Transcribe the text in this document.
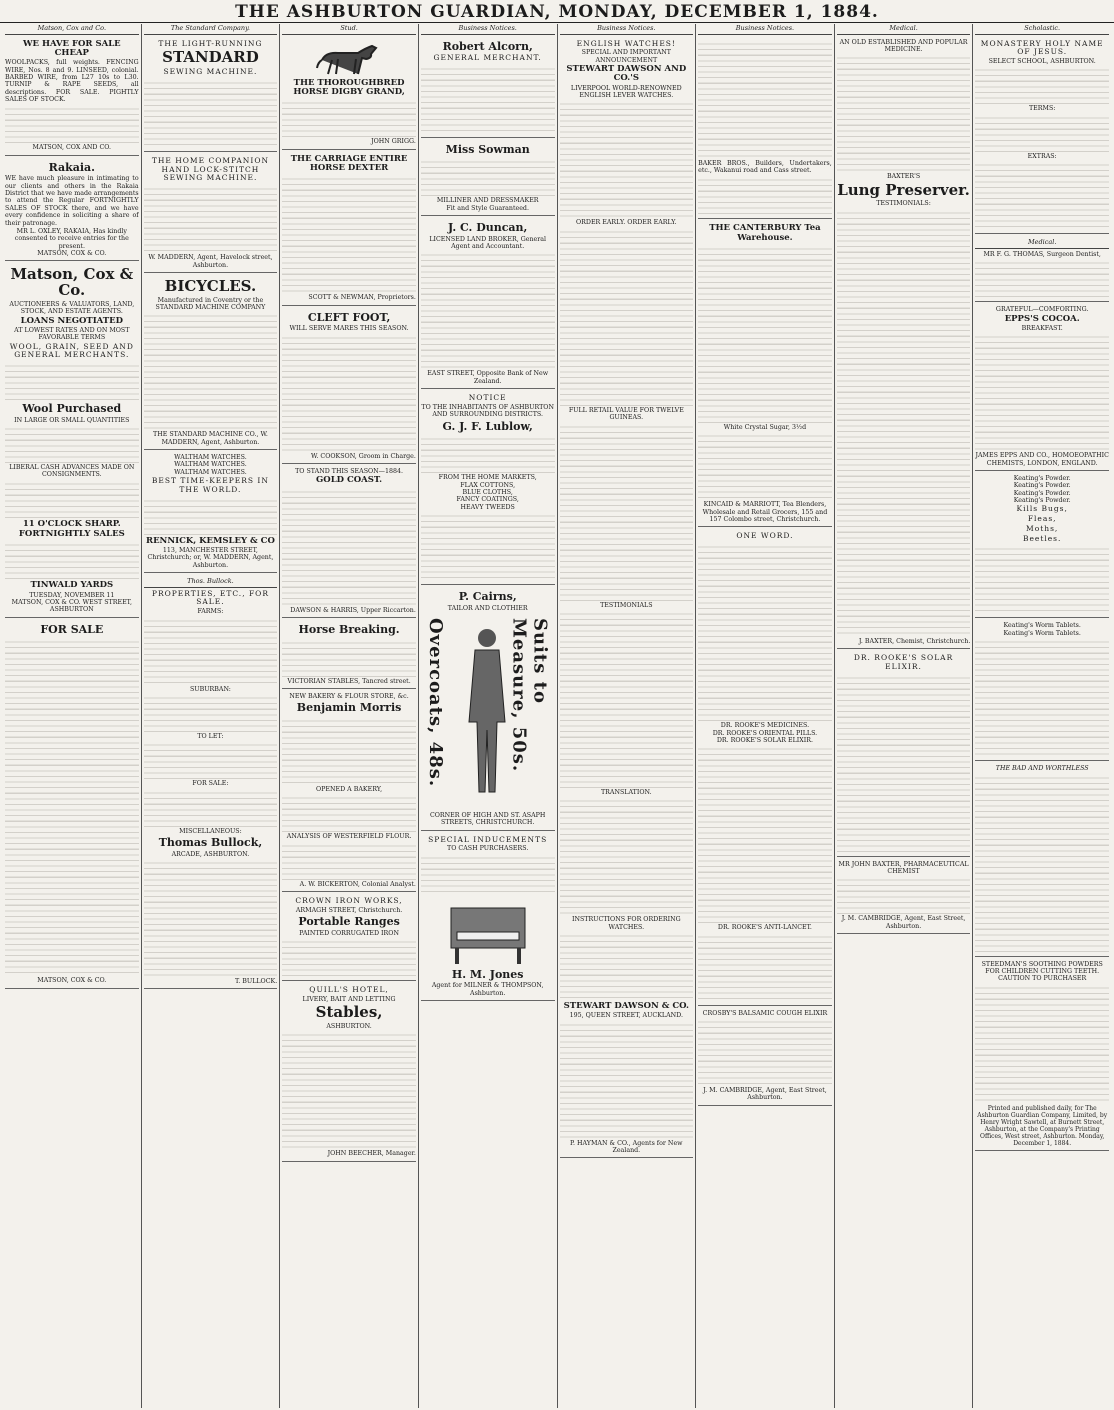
THE ASHBURTON GUARDIAN, MONDAY, DECEMBER 1, 1884.
Matson, Cox and Co.
WE HAVE FOR SALE CHEAP
WOOLPACKS, full weights. FENCING WIRE, Nos. 8 and 9. LINSEED, colonial. BARBED WIRE, from L27 10s to L30. TURNIP & RAPE SEEDS, all descriptions. FOR SALE. PIGHTLY SALES OF STOCK.
MATSON, COX AND CO.
Rakaia.
WE have much pleasure in intimating to our clients and others in the Rakaia District that we have made arrangements to attend the Regular FORTNIGHTLY SALES OF STOCK there, and we have every confidence in soliciting a share of their patronage.
MR L. OXLEY, RAKAIA, Has kindly consented to receive entries for the present.
MATSON, COX & CO.
Matson, Cox & Co.
AUCTIONEERS & VALUATORS, LAND, STOCK, AND ESTATE AGENTS.
LOANS NEGOTIATED
AT LOWEST RATES AND ON MOST FAVORABLE TERMS
WOOL, GRAIN, SEED AND GENERAL MERCHANTS.
Wool Purchased
IN LARGE OR SMALL QUANTITIES
LIBERAL CASH ADVANCES MADE ON CONSIGNMENTS.
11 O'CLOCK SHARP.
FORTNIGHTLY SALES
TINWALD YARDS
TUESDAY, NOVEMBER 11
MATSON, COX & CO. WEST STREET, ASHBURTON
FOR SALE
MATSON, COX & CO.
The Standard Company.
THE LIGHT-RUNNING
STANDARD
SEWING MACHINE.
THE HOME COMPANION HAND LOCK-STITCH SEWING MACHINE.
W. MADDERN, Agent, Havelock street, Ashburton.
BICYCLES.
Manufactured in Coventry or the STANDARD MACHINE COMPANY
THE STANDARD MACHINE CO., W. MADDERN, Agent, Ashburton.
WALTHAM WATCHES.
WALTHAM WATCHES.
WALTHAM WATCHES.
BEST TIME-KEEPERS IN THE WORLD.
RENNICK, KEMSLEY & CO
113, MANCHESTER STREET, Christchurch; or, W. MADDERN, Agent, Ashburton.
Thos. Bullock.
PROPERTIES, ETC., FOR SALE.
FARMS:
SUBURBAN:
TO LET:
FOR SALE:
MISCELLANEOUS:
Thomas Bullock,
ARCADE, ASHBURTON.
T. BULLOCK.
Stud.
THE THOROUGHBRED HORSE DIGBY GRAND,
JOHN GRIGG.
THE CARRIAGE ENTIRE HORSE DEXTER
SCOTT & NEWMAN, Proprietors.
CLEFT FOOT,
WILL SERVE MARES THIS SEASON.
W. COOKSON, Groom in Charge.
TO STAND THIS SEASON—1884.
GOLD COAST.
DAWSON & HARRIS, Upper Riccarton.
Horse Breaking.
VICTORIAN STABLES, Tancred street.
NEW BAKERY & FLOUR STORE, &c.
Benjamin Morris
OPENED A BAKERY,
ANALYSIS OF WESTERFIELD FLOUR.
A. W. BICKERTON, Colonial Analyst.
CROWN IRON WORKS,
ARMAGH STREET, Christchurch.
Portable Ranges
PAINTED CORRUGATED IRON
QUILL'S HOTEL,
LIVERY, BAIT AND LETTING
Stables,
ASHBURTON.
JOHN BEECHER, Manager.
Business Notices.
Robert Alcorn,
GENERAL MERCHANT.
Miss Sowman
MILLINER AND DRESSMAKER
Fit and Style Guaranteed.
J. C. Duncan,
LICENSED LAND BROKER, General Agent and Accountant.
EAST STREET, Opposite Bank of New Zealand.
NOTICE
TO THE INHABITANTS OF ASHBURTON AND SURROUNDING DISTRICTS.
G. J. F. Lublow,
FROM THE HOME MARKETS,
FLAX COTTONS,
BLUE CLOTHS,
FANCY COATINGS,
HEAVY TWEEDS
P. Cairns,
TAILOR AND CLOTHIER
Overcoats, 48s.	Suits to Measure, 50s.
CORNER OF HIGH AND ST. ASAPH STREETS, CHRISTCHURCH.
SPECIAL INDUCEMENTS
TO CASH PURCHASERS.
H. M. Jones
Agent for MILNER & THOMPSON, Ashburton.
Business Notices.
ENGLISH WATCHES!
SPECIAL AND IMPORTANT ANNOUNCEMENT
STEWART DAWSON AND CO.'S
LIVERPOOL WORLD-RENOWNED ENGLISH LEVER WATCHES.
ORDER EARLY. ORDER EARLY.
FULL RETAIL VALUE FOR TWELVE GUINEAS.
TESTIMONIALS
TRANSLATION.
INSTRUCTIONS FOR ORDERING WATCHES.
STEWART DAWSON & CO.
195, QUEEN STREET, AUCKLAND.
P. HAYMAN & CO., Agents for New Zealand.
Business Notices.
BAKER BROS., Builders, Undertakers, etc., Wakanui road and Cass street.
THE CANTERBURY Tea Warehouse.
White Crystal Sugar, 3½d
KINCAID & MARRIOTT, Tea Blenders, Wholesale and Retail Grocers, 155 and 157 Colombo street, Christchurch.
ONE WORD.
DR. ROOKE'S MEDICINES.
DR. ROOKE'S ORIENTAL PILLS.
DR. ROOKE'S SOLAR ELIXIR.
DR. ROOKE'S ANTI-LANCET.
CROSBY'S BALSAMIC COUGH ELIXIR
J. M. CAMBRIDGE, Agent, East Street, Ashburton.
Medical.
AN OLD ESTABLISHED AND POPULAR MEDICINE.
BAXTER'S
Lung Preserver.
TESTIMONIALS:
J. BAXTER, Chemist, Christchurch.
DR. ROOKE'S SOLAR ELIXIR.
MR JOHN BAXTER, PHARMACEUTICAL CHEMIST
J. M. CAMBRIDGE, Agent, East Street, Ashburton.
Scholastic.
MONASTERY HOLY NAME OF JESUS.
SELECT SCHOOL, ASHBURTON.
TERMS:
EXTRAS:
Medical.
MR F. G. THOMAS, Surgeon Dentist,
GRATEFUL—COMFORTING.
EPPS'S COCOA.
BREAKFAST.
JAMES EPPS AND CO., HOMOEOPATHIC CHEMISTS, LONDON, ENGLAND.
Keating's Powder.
Keating's Powder.
Keating's Powder.
Keating's Powder.
Kills Bugs,
Fleas,
Moths,
Beetles.
Keating's Worm Tablets.
Keating's Worm Tablets.
THE BAD AND WORTHLESS
STEEDMAN'S SOOTHING POWDERS
FOR CHILDREN CUTTING TEETH.
CAUTION TO PURCHASER
Printed and published daily, for The Ashburton Guardian Company, Limited, by Henry Wright Sawtell, at Burnett Street, Ashburton, at the Company's Printing Offices, West street, Ashburton. Monday, December 1, 1884.
